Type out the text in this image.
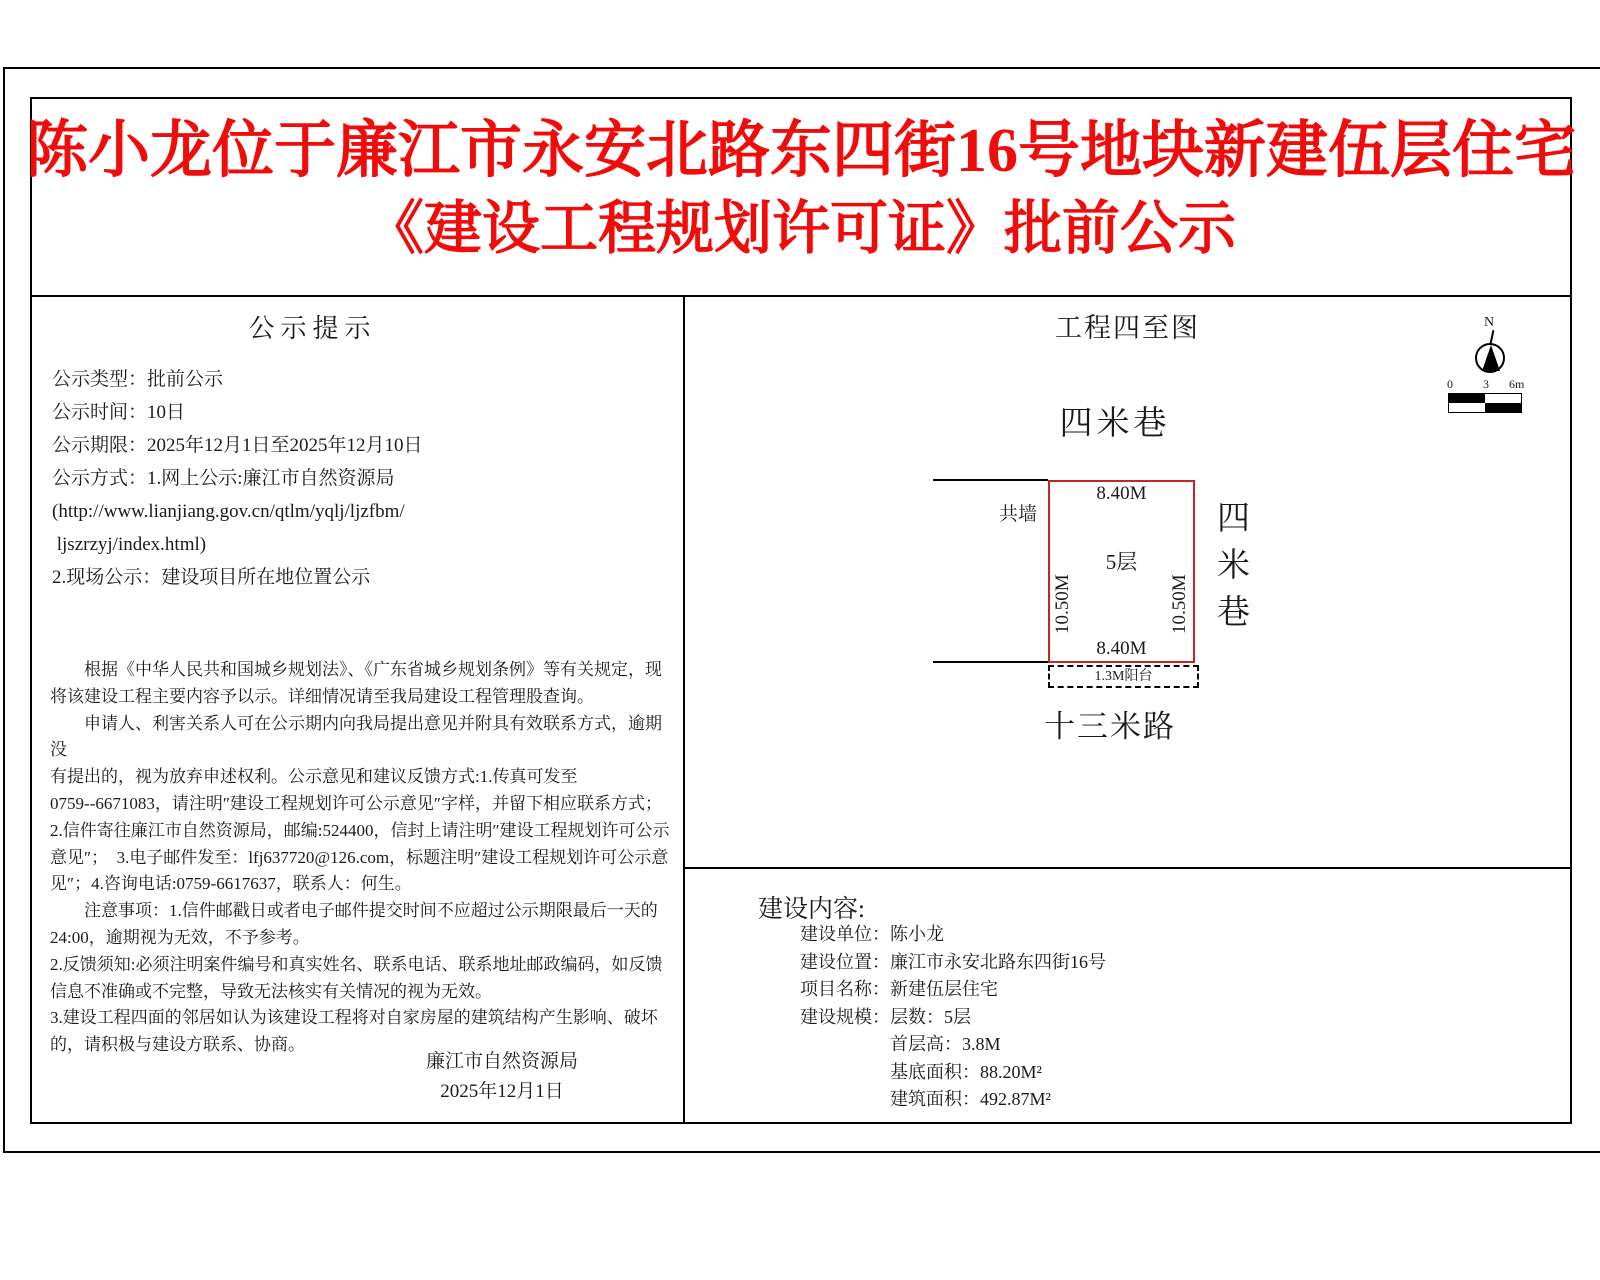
陈小龙位于廉江市永安北路东四街16号地块新建伍层住宅
《建设工程规划许可证》批前公示
公示提示
公示类型：批前公示
公示时间：10日
公示期限：2025年12月1日至2025年12月10日
公示方式：1.网上公示:廉江市自然资源局
(http://www.lianjiang.gov.cn/qtlm/yqlj/ljzfbm/
ljszrzyj/index.html)
2.现场公示：建设项目所在地位置公示
　　根据《中华人民共和国城乡规划法》、《广东省城乡规划条例》等有关规定，现
将该建设工程主要内容予以示。详细情况请至我局建设工程管理股查询。
　　申请人、利害关系人可在公示期内向我局提出意见并附具有效联系方式，逾期没
有提出的，视为放弃申述权利。公示意见和建议反馈方式:1.传真可发至
0759--6671083，请注明″建设工程规划许可公示意见″字样，并留下相应联系方式；
2.信件寄往廉江市自然资源局，邮编:524400，信封上请注明″建设工程规划许可公示
意见″；　3.电子邮件发至：lfj637720@126.com，标题注明″建设工程规划许可公示意
见″；4.咨询电话:0759-6617637，联系人：何生。
　　注意事项：1.信件邮戳日或者电子邮件提交时间不应超过公示期限最后一天的
24:00，逾期视为无效，不予参考。
2.反馈须知:必须注明案件编号和真实姓名、联系电话、联系地址邮政编码，如反馈
信息不准确或不完整，导致无法核实有关情况的视为无效。
3.建设工程四面的邻居如认为该建设工程将对自家房屋的建筑结构产生影响、破坏
的，请积极与建设方联系、协商。
廉江市自然资源局
2025年12月1日
工程四至图	N
0	3 6m
四米巷
四米巷
十三米路
共墙
8.40M
10.50M
5层
10.50M
8.40M
1.3M阳台
建设内容:
建设单位：陈小龙
建设位置：廉江市永安北路东四街16号
项目名称：新建伍层住宅
建设规模：层数：5层
首层高：3.8M
基底面积：88.20M²
建筑面积：492.87M²
